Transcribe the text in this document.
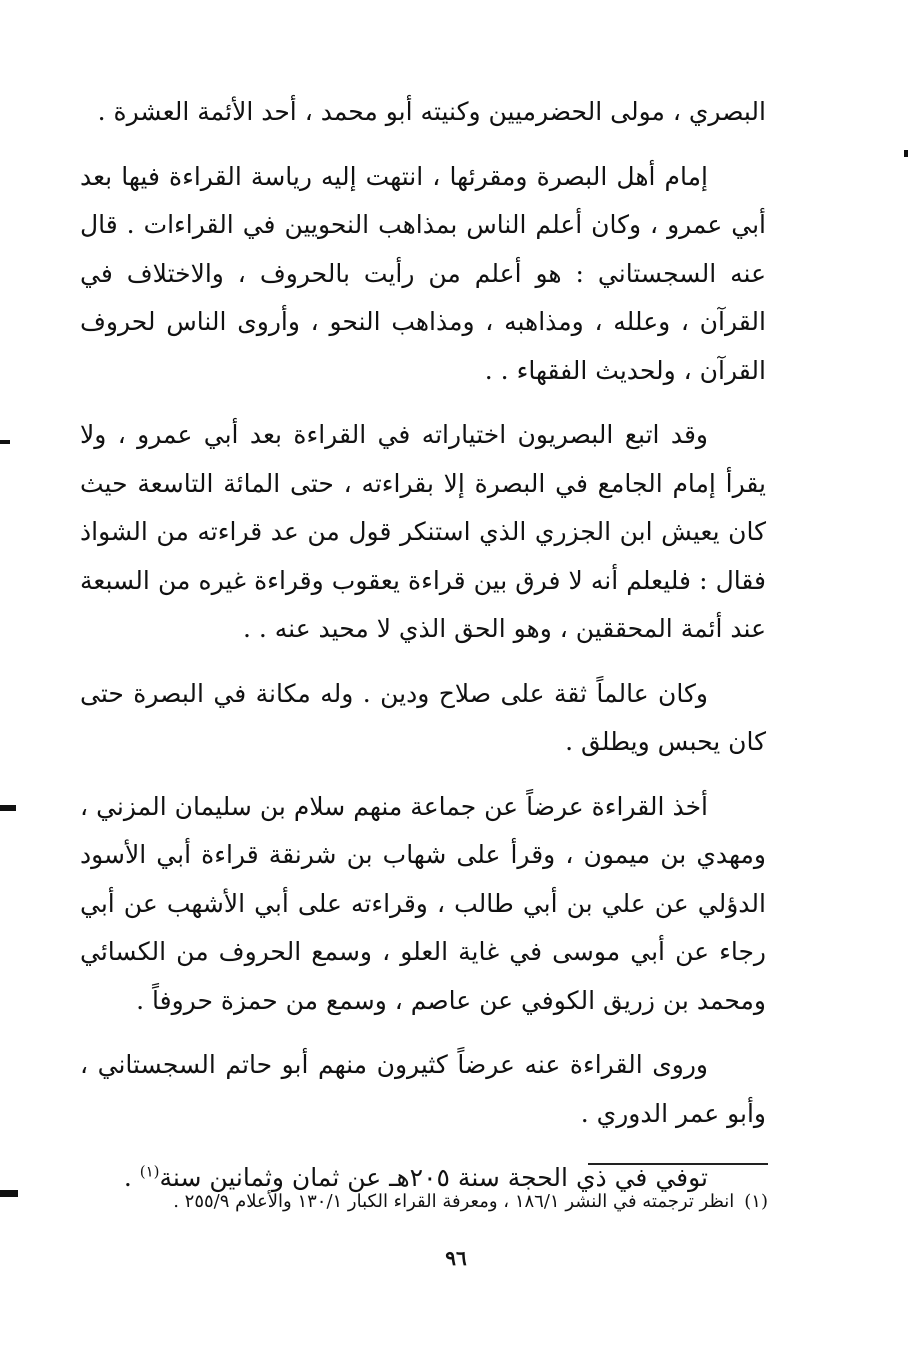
البصري ، مولى الحضرميين وكنيته أبو محمد ، أحد الأئمة العشرة .

إمام أهل البصرة ومقرئها ، انتهت إليه رياسة القراءة فيها بعد أبي عمرو ، وكان أعلم الناس بمذاهب النحويين في القراءات . قال عنه السجستاني : هو أعلم من رأيت بالحروف ، والاختلاف في القرآن ، وعلله ، ومذاهبه ، ومذاهب النحو ، وأروى الناس لحروف القرآن ، ولحديث الفقهاء . .

وقد اتبع البصريون اختياراته في القراءة بعد أبي عمرو ، ولا يقرأ إمام الجامع في البصرة إلا بقراءته ، حتى المائة التاسعة حيث كان يعيش ابن الجزري الذي استنكر قول من عد قراءته من الشواذ فقال : فليعلم أنه لا فرق بين قراءة يعقوب وقراءة غيره من السبعة عند أئمة المحققين ، وهو الحق الذي لا محيد عنه . .

وكان عالماً ثقة على صلاح ودين . وله مكانة في البصرة حتى كان يحبس ويطلق .

أخذ القراءة عرضاً عن جماعة منهم سلام بن سليمان المزني ، ومهدي بن ميمون ، وقرأ على شهاب بن شرنقة قراءة أبي الأسود الدؤلي عن علي بن أبي طالب ، وقراءته على أبي الأشهب عن أبي رجاء عن أبي موسى في غاية العلو ، وسمع الحروف من الكسائي ومحمد بن زريق الكوفي عن عاصم ، وسمع من حمزة حروفاً .

وروى القراءة عنه عرضاً كثيرون منهم أبو حاتم السجستاني ، وأبو عمر الدوري .

توفي في ذي الحجة سنة ٢٠٥هـ عن ثمان وثمانين سنة$^{(١)}$ .

(١)انظر ترجمته في النشر ١٨٦/١ ، ومعرفة القراء الكبار ١٣٠/١ والأعلام ٢٥٥/٩ .
٩٦
